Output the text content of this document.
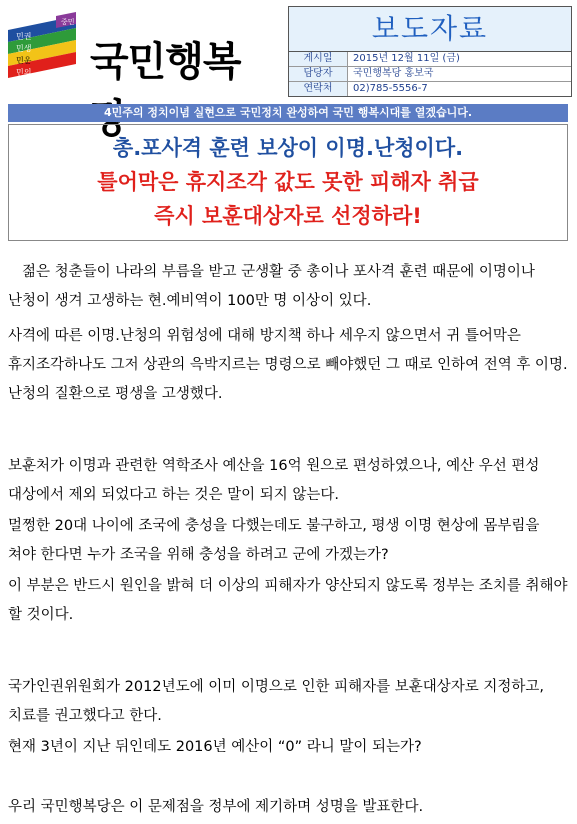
민권
민생
민운
민의
중민
국민행복
보도자료
게시일	2015년 12월 11일 (금)
담당자	국민행복당 홍보국
연락처	02)785-5556-7
4민주의 정치이념 실현으로 국민정치 완성하여 국민 행복시대를 열겠습니다.
총.포사격 훈련 보상이 이명.난청이다.
틀어막은 휴지조각 값도 못한 피해자 취급
즉시 보훈대상자로 선정하라!

젊은 청춘들이 나라의 부름을 받고 군생활 중 총이나 포사격 훈련 때문에 이명이나 난청이 생겨 고생하는 현.예비역이 100만 명 이상이 있다.

사격에 따른 이명.난청의 위험성에 대해 방지책 하나 세우지 않으면서 귀 틀어막은 휴지조각하나도 그저 상관의 윽박지르는 명령으로 빼야했던 그 때로 인하여 전역 후 이명.난청의 질환으로 평생을 고생했다.

보훈처가 이명과 관련한 역학조사 예산을 16억 원으로 편성하였으나, 예산 우선 편성 대상에서 제외 되었다고 하는 것은 말이 되지 않는다.

멀쩡한 20대 나이에 조국에 충성을 다했는데도 불구하고, 평생 이명 현상에 몸부림을 쳐야 한다면 누가 조국을 위해 충성을 하려고 군에 가겠는가?

이 부분은 반드시 원인을 밝혀 더 이상의 피해자가 양산되지 않도록 정부는 조치를 취해야 할 것이다.

국가인권위원회가 2012년도에 이미 이명으로 인한 피해자를 보훈대상자로 지정하고, 치료를 권고했다고 한다.

현재 3년이 지난 뒤인데도 2016년 예산이 “0” 라니 말이 되는가?

우리 국민행복당은 이 문제점을 정부에 제기하며 성명을 발표한다.
